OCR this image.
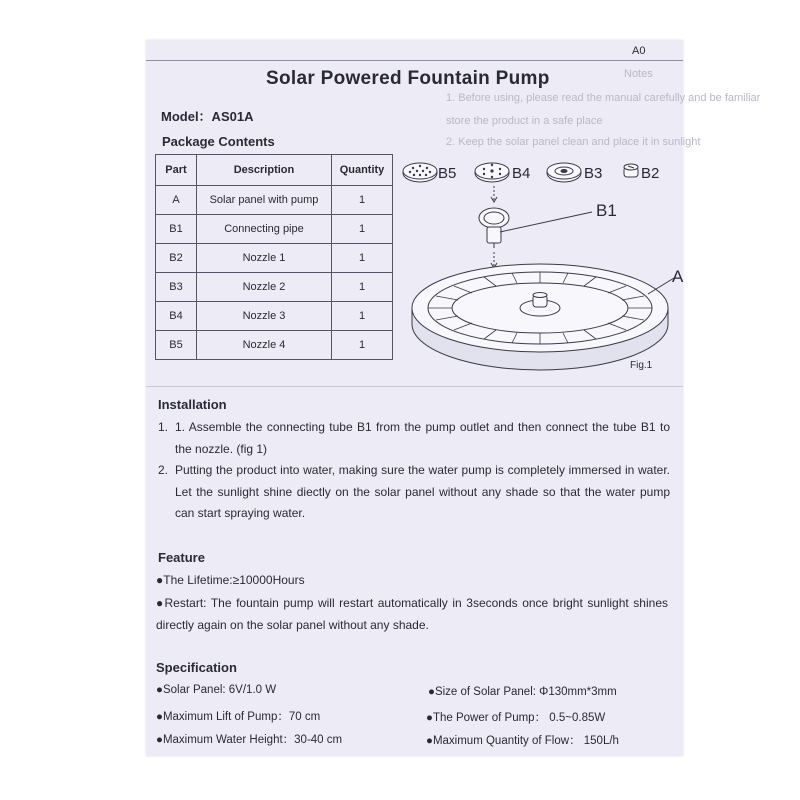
Notes
1. Before using, please read the manual carefully and be familiar
store the product in a safe place
2. Keep the solar panel clean and place it in sunlight
A0
Solar Powered Fountain Pump
Model：AS01A
Package Contents
Part	Description	Quantity
A	Solar panel with pump	1
B1	Connecting pipe	1
B2	Nozzle 1	1
B3	Nozzle 2	1
B4	Nozzle 3	1
B5	Nozzle 4	1
B5	B4	B3	B2
B1
A
Fig.1
Installation
1. 1. Assemble the connecting tube B1 from the pump outlet and then connect the tube B1 to the nozzle. (fig 1)
2. Putting the product into water, making sure the water pump is completely immersed in water. Let the sunlight shine diectly on the solar panel without any shade so that the water pump can start spraying water.
Feature
●The Lifetime:≥10000Hours
●Restart: The fountain pump will restart automatically in 3seconds once bright sunlight shines directly again on the solar panel without any shade.
Specification
●Solar Panel: 6V/1.0 W
●Maximum Lift of Pump：70 cm
●Maximum Water Height：30-40 cm
●Size of Solar Panel: Φ130mm*3mm
●The Power of Pump： 0.5~0.85W
●Maximum Quantity of Flow： 150L/h
